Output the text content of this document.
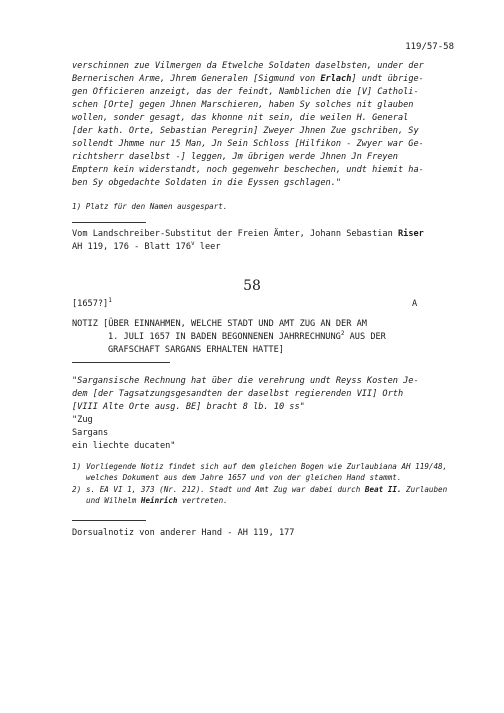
119/57-58
verschinnen zue Vilmergen da Etwelche Soldaten daselbsten, under der
Bernerischen Arme, Jhrem Generalen [Sigmund von Erlach] undt übrige-
gen Officieren anzeigt, das der feindt, Namblichen die [V] Catholi-
schen [Orte] gegen Jhnen Marschieren, haben Sy solches nit glauben
wollen, sonder gesagt, das khonne nit sein, die weilen H. General
[der kath. Orte, Sebastian Peregrin] Zweyer Jhnen Zue gschriben, Sy
sollendt Jhmme nur 15 Man, Jn Sein Schloss [Hilfikon - Zwyer war Ge-
richtsherr daselbst -] leggen, Jm übrigen werde Jhnen Jn Freyen
Emptern kein widerstandt, noch gegenwehr beschechen, undt hiemit ha-
ben Sy obgedachte Soldaten in die Eyssen gschlagen."
1) Platz für den Namen ausgespart.
Vom Landschreiber-Substitut der Freien Ämter, Johann Sebastian Riser
AH 119, 176 - Blatt 176$^v$ leer
58
[1657?]$^1$	A
NOTIZ [ÜBER EINNAHMEN, WELCHE STADT UND AMT ZUG AN DER AM
1. JULI 1657 IN BADEN BEGONNENEN JAHRRECHNUNG$^2$ AUS DER
GRAFSCHAFT SARGANS ERHALTEN HATTE]
"Sargansische Rechnung hat über die verehrung undt Reyss Kosten Je-
dem [der Tagsatzungsgesandten der daselbst regierenden VII] Orth
[VIII Alte Orte ausg. BE] bracht 8 lb. 10 ss"
"Zug
Sargans
ein liechte ducaten"
1) Vorliegende Notiz findet sich auf dem gleichen Bogen wie Zurlaubiana AH 119/48, welches Dokument aus dem Jahre 1657 und von der gleichen Hand stammt.
2) s. EA VI 1, 373 (Nr. 212). Stadt und Amt Zug war dabei durch Beat II. Zurlauben und Wilhelm Heinrich vertreten.
Dorsualnotiz von anderer Hand - AH 119, 177
